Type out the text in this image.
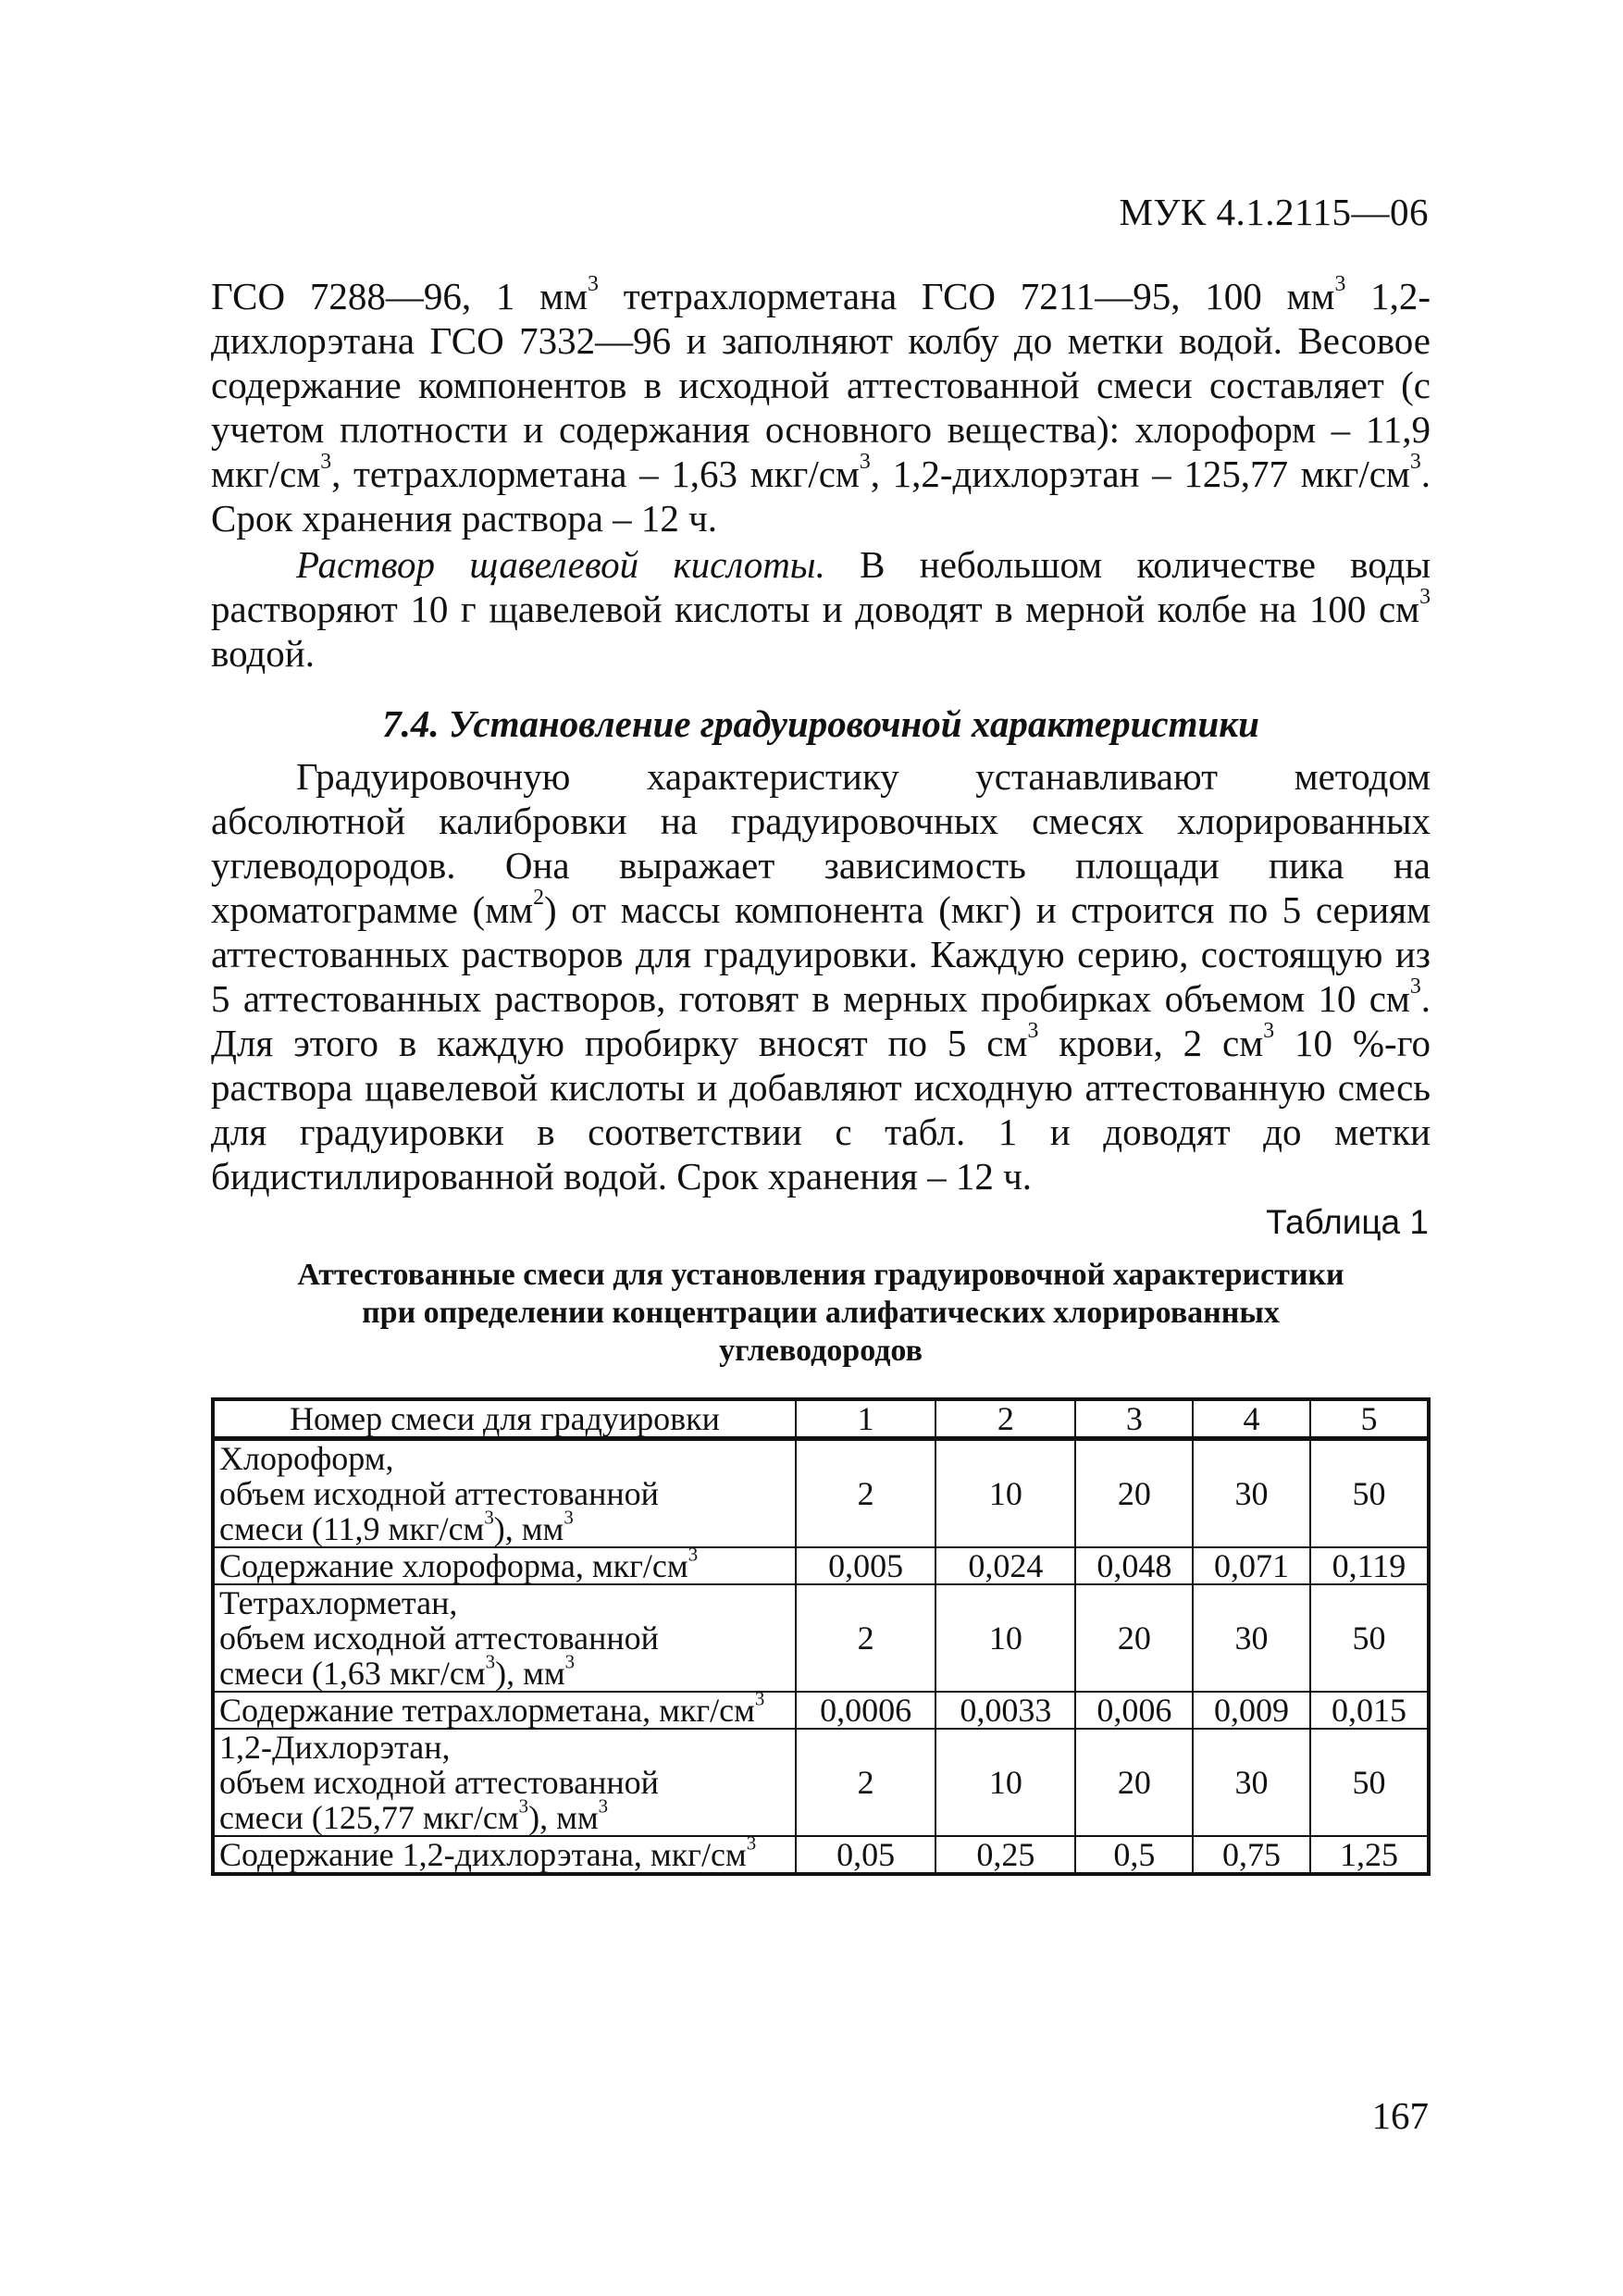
МУК 4.1.2115—06

ГСО 7288—96, 1 $мм^3$ тетрахлорметана ГСО 7211—95, 100 $мм^3$ 1,2-дихлорэтана ГСО 7332—96 и заполняют колбу до метки водой. Весовое содержание компонентов в исходной аттестованной смеси составляет (с учетом плотности и содержания основного вещества): хлороформ – 11,9 мкг/$см^3$, тетрахлорметана – 1,63 мкг/$см^3$, 1,2-дихлорэтан – 125,77 мкг/$см^3$. Срок хранения раствора – 12 ч.

Раствор щавелевой кислоты. В небольшом количестве воды растворяют 10 г щавелевой кислоты и доводят в мерной колбе на 100 $см^3$ водой.

7.4. Установление градуировочной характеристики

Градуировочную характеристику устанавливают методом абсолютной калибровки на градуировочных смесях хлорированных углеводородов. Она выражает зависимость площади пика на хроматограмме $(мм^2)$ от массы компонента (мкг) и строится по 5 сериям аттестованных растворов для градуировки. Каждую серию, состоящую из 5 аттестованных растворов, готовят в мерных пробирках объемом 10 $см^3$. Для этого в каждую пробирку вносят по 5 $см^3$ крови, 2 $см^3$ 10 %-го раствора щавелевой кислоты и добавляют исходную аттестованную смесь для градуировки в соответствии с табл. 1 и доводят до метки бидистиллированной водой. Срок хранения – 12 ч.

Таблица 1
Аттестованные смеси для установления градуировочной характеристики
при определении концентрации алифатических хлорированных
углеводородов
Номер смеси для градуировки	1	2	3	4	5

Хлороформ,
объем исходной аттестованной
смеси (11,9 мкг/$см^3$), $мм^3$	2	10	20	30	50
Содержание хлороформа, мкг/$см^3$	0,005	0,024	0,048	0,071	0,119

Тетрахлорметан,
объем исходной аттестованной
смеси (1,63 мкг/$см^3$), $мм^3$	2	10	20	30	50
Содержание тетрахлорметана, мкг/$см^3$	0,0006	0,0033	0,006	0,009	0,015

1,2-Дихлорэтан,
объем исходной аттестованной
смеси (125,77 мкг/$см^3$), $мм^3$	2	10	20	30	50
Содержание 1,2-дихлорэтана, мкг/$см^3$	0,05	0,25	0,5	0,75	1,25
167
